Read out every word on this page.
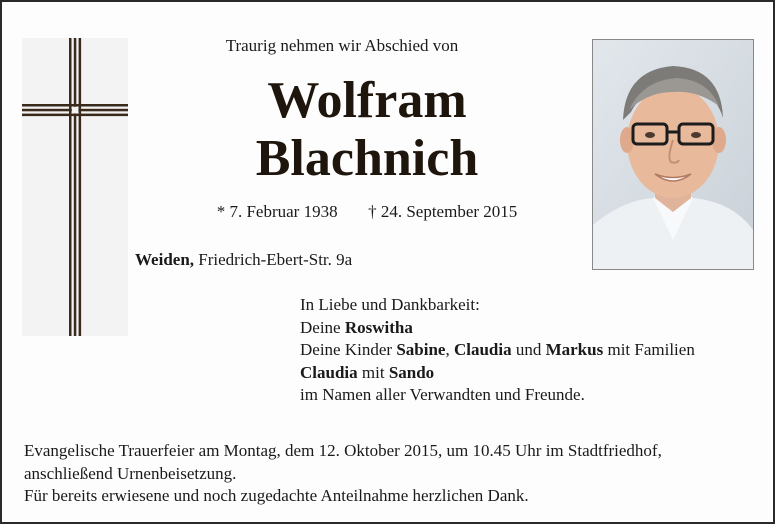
Traurig nehmen wir Abschied von
Wolfram
Blachnich
* 7. Februar 1938 † 24. September 2015
Weiden, Friedrich-Ebert-Str. 9a
In Liebe und Dankbarkeit:
Deine Roswitha
Deine Kinder Sabine, Claudia und Markus mit Familien
Claudia mit Sando
im Namen aller Verwandten und Freunde.
Evangelische Trauerfeier am Montag, dem 12. Oktober 2015, um 10.45 Uhr im Stadtfriedhof,
anschließend Urnenbeisetzung.
Für bereits erwiesene und noch zugedachte Anteilnahme herzlichen Dank.
